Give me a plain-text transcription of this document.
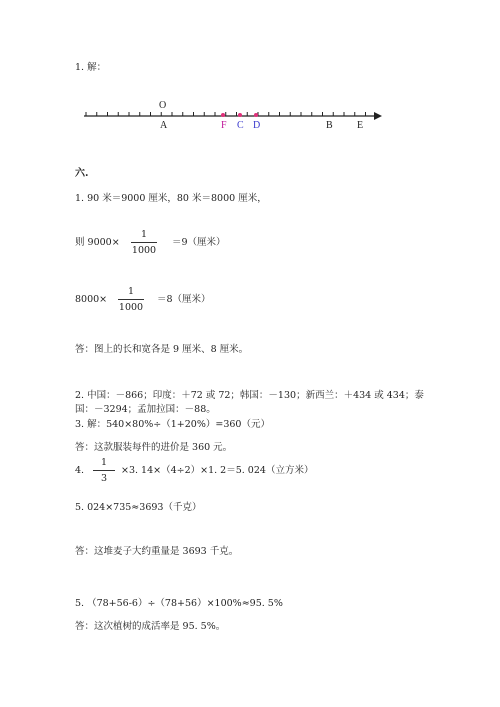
1. 解：
O
A	F C D	B E
六.
1. 90 米＝9000 厘米，80 米＝8000 厘米，
则 9000×
1
1000
＝9（厘米）
8000×
1
1000
＝8（厘米）
答：图上的长和宽各是 9 厘米、8 厘米。
2. 中国：－866；印度：＋72 或 72；韩国：－130；新西兰：＋434 或 434；泰
国：－3294；孟加拉国：－88。
3. 解：540×80%÷（1+20%）=360（元）
答：这款服装每件的进价是 360 元。
4.
1
3
×3. 14×（4÷2）×1. 2＝5. 024（立方米）
5. 024×735≈3693（千克）
答：这堆麦子大约重量是 3693 千克。
5. （78+56-6）÷（78+56）×100%≈95. 5%
答：这次植树的成活率是 95. 5%。
